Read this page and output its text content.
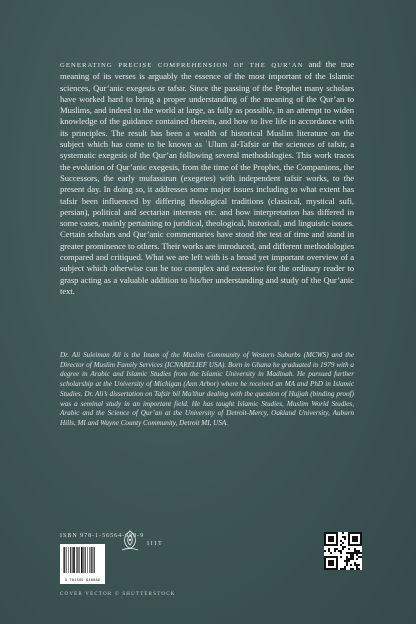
GENERATING PRECISE COMPREHENSION OF THE QUR’AN and the true meaning of its verses is arguably the essence of the most important of the Islamic sciences, Qur’anic exegesis or tafsir. Since the passing of the Prophet many scholars have worked hard to bring a proper understanding of the meaning of the Qur’an to Muslims, and indeed to the world at large, as fully as possible, in an attempt to widen knowledge of the guidance contained therein, and how to live life in accordance with its principles. The result has been a wealth of historical Muslim literature on the subject which has come to be known as ʿUlum al-Tafsir or the sciences of tafsir, a systematic exegesis of the Qur’an following several methodologies. This work traces the evolution of Qur’anic exegesis, from the time of the Prophet, the Companions, the Successors, the early mufassirun (exegetes) with independent tafsir works, to the present day. In doing so, it addresses some major issues including to what extent has tafsir been influenced by differing theological traditions (classical, mystical sufi, persian), political and sectarian interests etc. and how interpretation has differed in some cases, mainly pertaining to juridical, theological, historical, and linguistic issues. Certain scholars and Qur’anic commentaries have stood the test of time and stand in greater prominence to others. Their works are introduced, and different methodologies compared and critiqued. What we are left with is a broad yet important overview of a subject which otherwise can be too complex and extensive for the ordinary reader to grasp acting as a valuable addition to his/her understanding and study of the Qur’anic text.
Dr. Ali Suleiman Ali is the Imam of the Muslim Community of Western Suburbs (MCWS) and the Director of Muslim Family Services (ICNARELIEF USA). Born in Ghana he graduated in 1979 with a degree in Arabic and Islamic Studies from the Islamic University in Madinah. He pursued further scholarship at the University of Michigan (Ann Arbor) where he received an MA and PhD in Islamic Studies. Dr. Ali’s dissertation on Tafsir bil Ma’thur dealing with the question of Hujjah (binding proof) was a seminal study in an important field. He has taught Islamic Studies, Muslim World Studies, Arabic and the Science of Qur’an at the University of Detroit-Mercy, Oakland University, Auburn Hills, MI and Wayne County Community, Detroit MI, USA.
ISBN 978-1-56564-688-9
9 781565 646889
IIIT
COVER VECTOR © SHUTTERSTOCK
